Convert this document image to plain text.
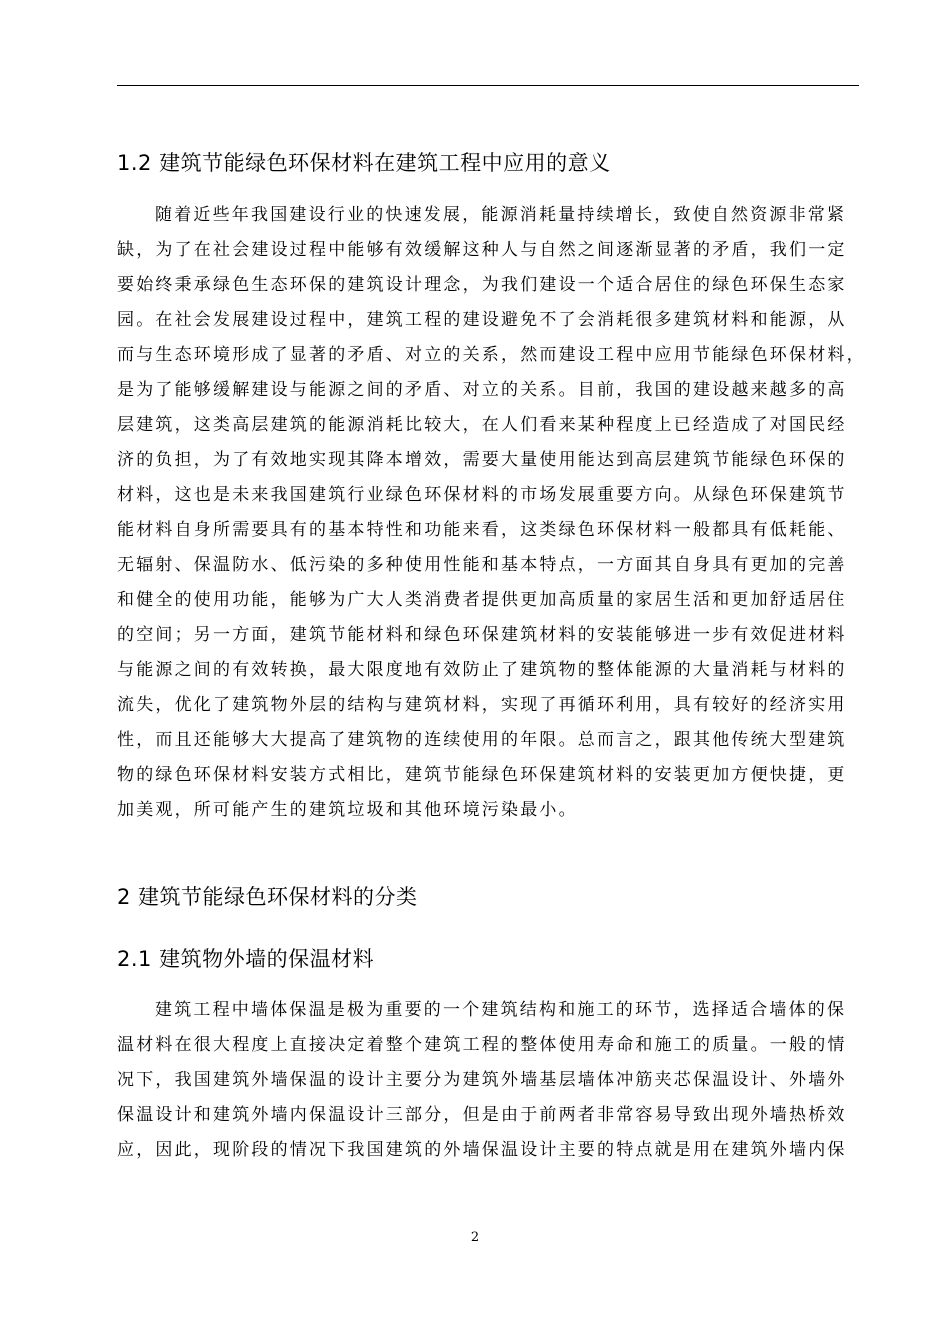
1.2 建筑节能绿色环保材料在建筑工程中应用的意义
随着近些年我国建设行业的快速发展，能源消耗量持续增长，致使自然资源非常紧
缺，为了在社会建设过程中能够有效缓解这种人与自然之间逐渐显著的矛盾，我们一定
要始终秉承绿色生态环保的建筑设计理念，为我们建设一个适合居住的绿色环保生态家
园。在社会发展建设过程中，建筑工程的建设避免不了会消耗很多建筑材料和能源，从
而与生态环境形成了显著的矛盾、对立的关系，然而建设工程中应用节能绿色环保材料，
是为了能够缓解建设与能源之间的矛盾、对立的关系。目前，我国的建设越来越多的高
层建筑，这类高层建筑的能源消耗比较大，在人们看来某种程度上已经造成了对国民经
济的负担，为了有效地实现其降本增效，需要大量使用能达到高层建筑节能绿色环保的
材料，这也是未来我国建筑行业绿色环保材料的市场发展重要方向。从绿色环保建筑节
能材料自身所需要具有的基本特性和功能来看，这类绿色环保材料一般都具有低耗能、
无辐射、保温防水、低污染的多种使用性能和基本特点，一方面其自身具有更加的完善
和健全的使用功能，能够为广大人类消费者提供更加高质量的家居生活和更加舒适居住
的空间；另一方面，建筑节能材料和绿色环保建筑材料的安装能够进一步有效促进材料
与能源之间的有效转换，最大限度地有效防止了建筑物的整体能源的大量消耗与材料的
流失，优化了建筑物外层的结构与建筑材料，实现了再循环利用，具有较好的经济实用
性，而且还能够大大提高了建筑物的连续使用的年限。总而言之，跟其他传统大型建筑
物的绿色环保材料安装方式相比，建筑节能绿色环保建筑材料的安装更加方便快捷，更
加美观，所可能产生的建筑垃圾和其他环境污染最小。
2 建筑节能绿色环保材料的分类
2.1 建筑物外墙的保温材料
建筑工程中墙体保温是极为重要的一个建筑结构和施工的环节，选择适合墙体的保
温材料在很大程度上直接决定着整个建筑工程的整体使用寿命和施工的质量。一般的情
况下，我国建筑外墙保温的设计主要分为建筑外墙基层墙体冲筋夹芯保温设计、外墙外
保温设计和建筑外墙内保温设计三部分，但是由于前两者非常容易导致出现外墙热桥效
应，因此，现阶段的情况下我国建筑的外墙保温设计主要的特点就是用在建筑外墙内保
2
